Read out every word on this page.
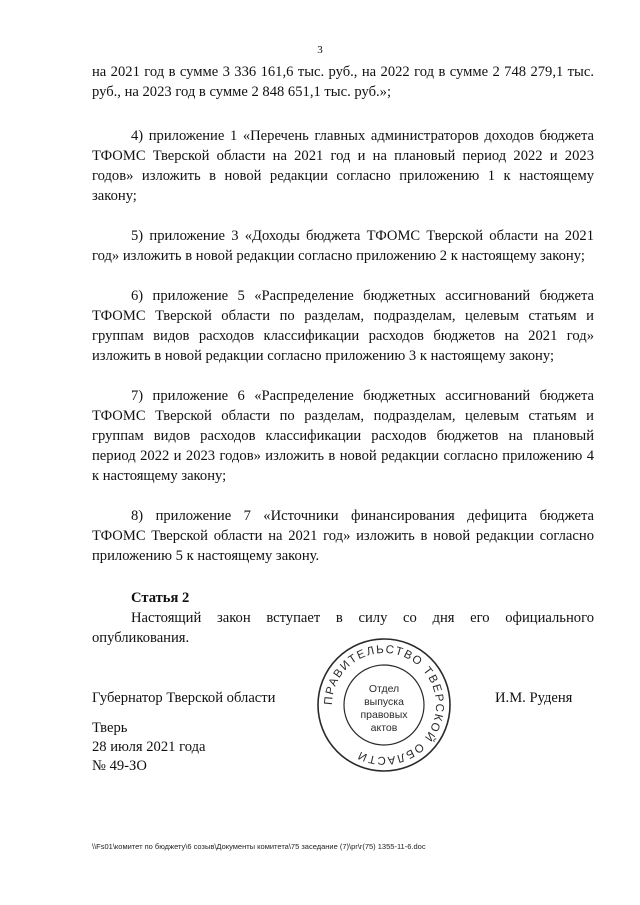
3

на 2021 год в сумме 3 336 161,6 тыс. руб., на 2022 год в сумме 2 748 279,1 тыс. руб., на 2023 год в сумме 2 848 651,1 тыс. руб.»;

4) приложение 1 «Перечень главных администраторов доходов бюджета ТФОМС Тверской области на 2021 год и на плановый период 2022 и 2023 годов» изложить в новой редакции согласно приложению 1 к настоящему закону;

5) приложение 3 «Доходы бюджета ТФОМС Тверской области на 2021 год» изложить в новой редакции согласно приложению 2 к настоящему закону;

6) приложение 5 «Распределение бюджетных ассигнований бюджета ТФОМС Тверской области по разделам, подразделам, целевым статьям и группам видов расходов классификации расходов бюджетов на 2021 год» изложить в новой редакции согласно приложению 3 к настоящему закону;

7) приложение 6 «Распределение бюджетных ассигнований бюджета ТФОМС Тверской области по разделам, подразделам, целевым статьям и группам видов расходов классификации расходов бюджетов на плановый период 2022 и 2023 годов» изложить в новой редакции согласно приложению 4 к настоящему закону;

8) приложение 7 «Источники финансирования дефицита бюджета ТФОМС Тверской области на 2021 год» изложить в новой редакции согласно приложению 5 к настоящему закону.

Статья 2

Настоящий закон вступает в силу со дня его официального опубликования.

Губернатор Тверской области	И.М. Руденя
Тверь
28 июля 2021 года
№ 49-ЗО
ПРАВИТЕЛЬСТВО ТВЕРСКОЙ ОБЛАСТИ
Отдел
выпуска
правовых
актов
\\Fs01\комитет по бюджету\6 созыв\Документы комитета\75 заседание (7)\pr\r(75) 1355-11-6.doc
